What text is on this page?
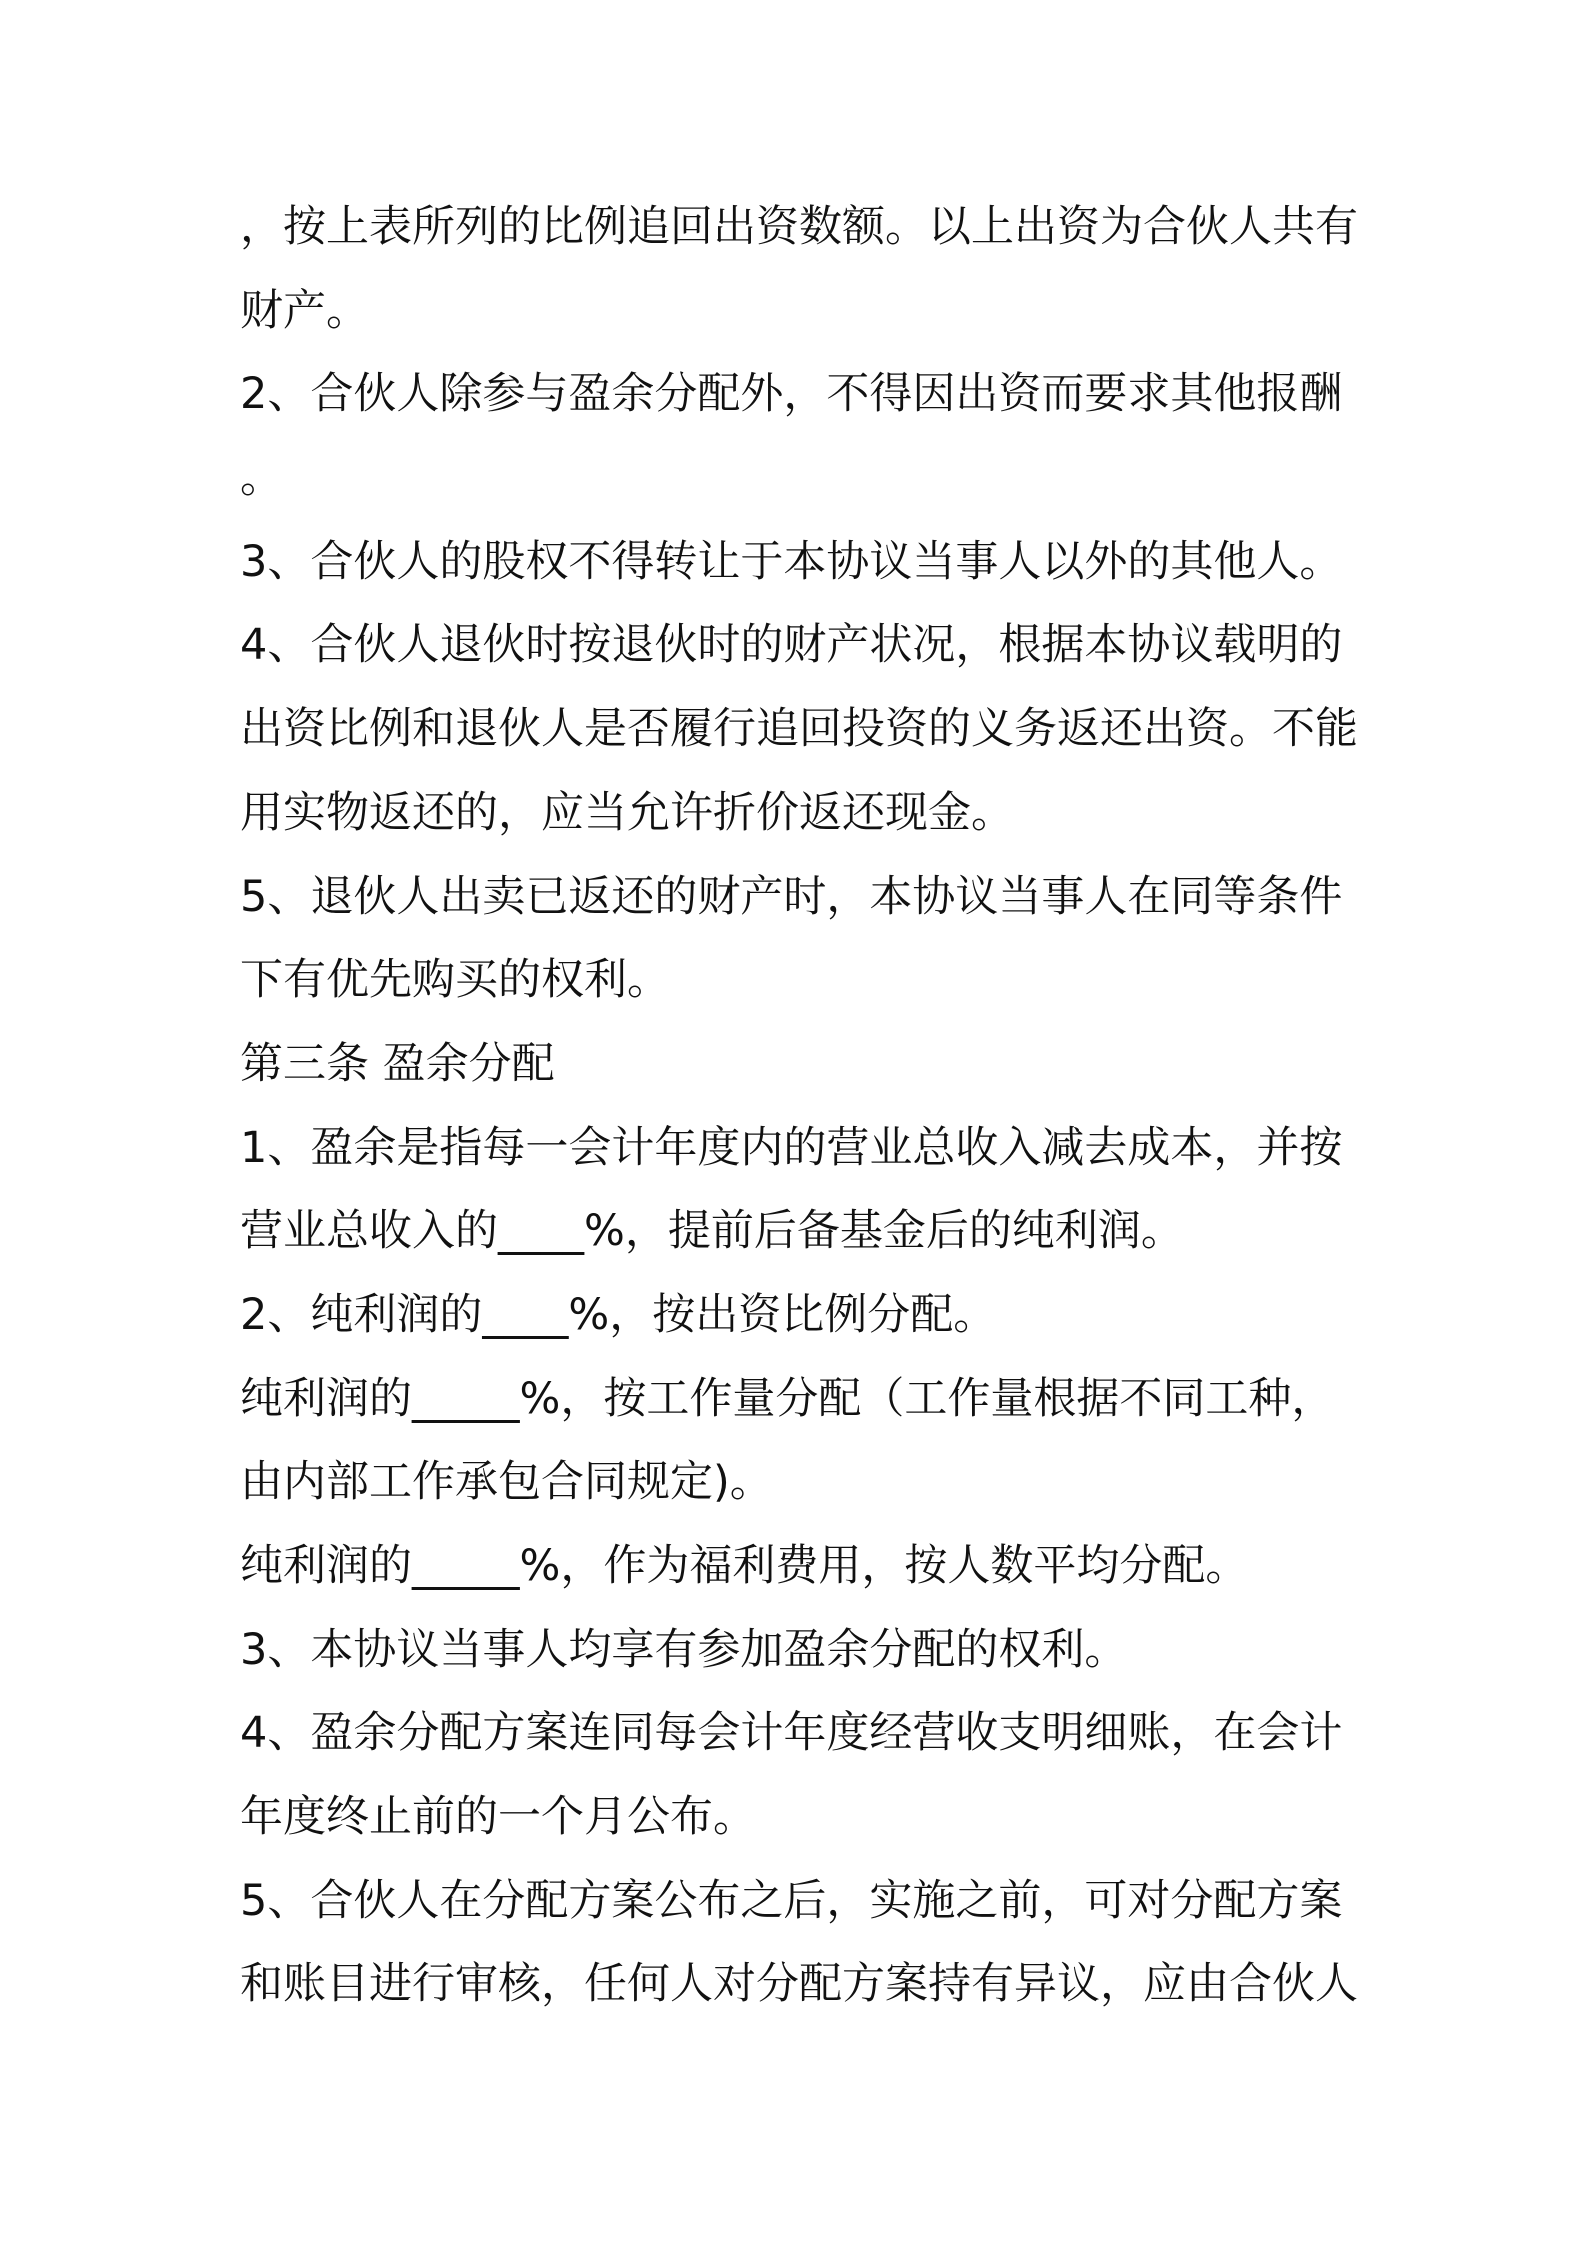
，按上表所列的比例追回出资数额。以上出资为合伙人共有
财产。
2、合伙人除参与盈余分配外，不得因出资而要求其他报酬
。
3、合伙人的股权不得转让于本协议当事人以外的其他人。
4、合伙人退伙时按退伙时的财产状况，根据本协议载明的
出资比例和退伙人是否履行追回投资的义务返还出资。不能
用实物返还的，应当允许折价返还现金。
5、退伙人出卖已返还的财产时，本协议当事人在同等条件
下有优先购买的权利。
第三条 盈余分配
1、盈余是指每一会计年度内的营业总收入减去成本，并按
营业总收入的____%，提前后备基金后的纯利润。
2、纯利润的____%，按出资比例分配。
纯利润的_____%，按工作量分配（工作量根据不同工种，
由内部工作承包合同规定)。
纯利润的_____%，作为福利费用，按人数平均分配。
3、本协议当事人均享有参加盈余分配的权利。
4、盈余分配方案连同每会计年度经营收支明细账，在会计
年度终止前的一个月公布。
5、合伙人在分配方案公布之后，实施之前，可对分配方案
和账目进行审核，任何人对分配方案持有异议，应由合伙人
